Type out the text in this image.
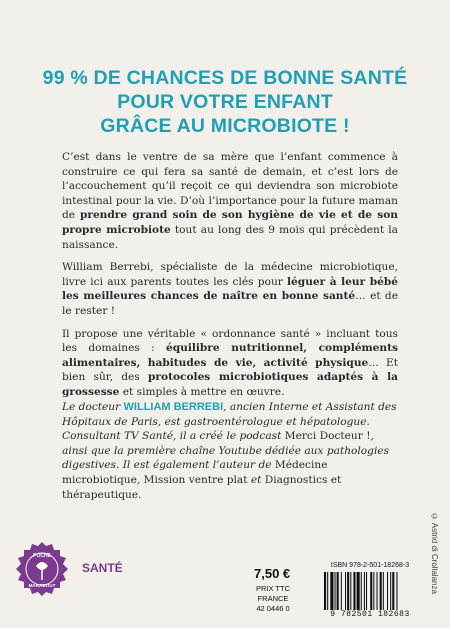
99 % DE CHANCES DE BONNE SANTÉ
POUR VOTRE ENFANT
GRÂCE AU MICROBIOTE !

C’est dans le ventre de sa mère que l’enfant commence à construire ce qui fera sa santé de demain, et c’est lors de l’accouchement qu’il reçoit ce qui deviendra son microbiote intestinal pour la vie. D’où l’importance pour la future maman de prendre grand soin de son hygiène de vie et de son propre microbiote tout au long des 9 mois qui précèdent la naissance.

William Berrebi, spécialiste de la médecine microbiotique, livre ici aux parents toutes les clés pour léguer à leur bébé les meilleures chances de naître en bonne santé… et de le rester !

Il propose une véritable « ordonnance santé » incluant tous les domaines : équilibre nutritionnel, compléments alimentaires, habitudes de vie, activité physique… Et bien sûr, des protocoles microbiotiques adaptés à la grossesse et simples à mettre en œuvre.

Le docteur WILLIAM BERREBI, ancien Interne et Assistant des Hôpitaux de Paris, est gastroentérologue et hépatologue. Consultant TV Santé, il a créé le podcast Merci Docteur !, ainsi que la première chaîne Youtube dédiée aux pathologies digestives. Il est également l’auteur de Médecine microbiotique, Mission ventre plat et Diagnostics et thérapeutique.
© Astrid di Crollalanza
POCHE
MARABOUT
SANTÉ	7,50 €
PRIX TTC FRANCE
42 0446 0
ISBN 978-2-501-18268-3
9 782501 182683
